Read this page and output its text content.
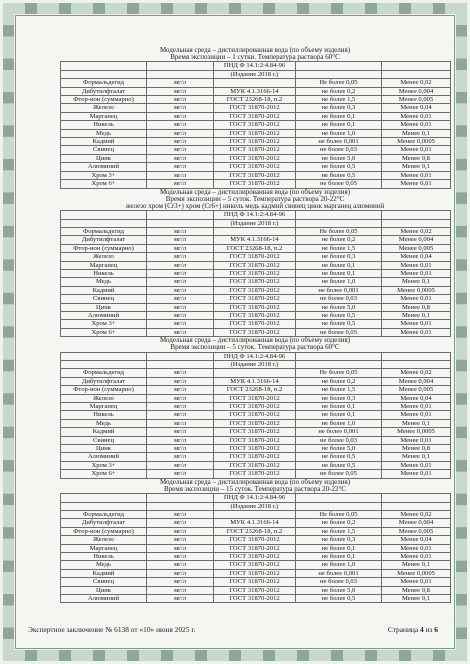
Модельная среда – дистиллированная вода (по объему изделия)
Время экспозиции – 1 сутки. Температура раствора 60°С
		ПНД Ф 14.1:2:4.84-96		
		(Издание 2018 г.)		
Формальдегид	мг/л		Не более 0,05	Менее 0,02
Дибутилфталат	мг/л	МУК 4.1.3166-14	не более 0,2	Менее 0,004
Фтор-ион (суммарно)	мг/л	ГОСТ 23268-18, п.2	не более 1,5	Менее 0,005
Железо	мг/л	ГОСТ 31870-2012	не более 0,3	Менее 0,04
Марганец	мг/л	ГОСТ 31870-2012	не более 0,1	Менее 0,01
Никель	мг/л	ГОСТ 31870-2012	не более 0,1	Менее 0,01
Медь	мг/л	ГОСТ 31870-2012	не более 1,0	Менее 0,1
Кадмий	мг/л	ГОСТ 31870-2012	не более 0,001	Менее 0,0005
Свинец	мг/л	ГОСТ 31870-2012	не более 0,03	Менее 0,01
Цинк	мг/л	ГОСТ 31870-2012	не более 5,0	Менее 0,8
Алюминий	мг/л	ГОСТ 31870-2012	не более 0,5	Менее 0,1
Хром 3+	мг/л	ГОСТ 31870-2012	не более 0,5	Менее 0,01
Хром 6+	мг/л	ГОСТ 31870-2012	не более 0,05	Менее 0,01
Модельная среда – дистиллированная вода (по объему изделия)
Время экспозиции – 5 суток. Температура раствора 20-22°С
железо хром (Cr3+) хром (Cr6+) никель медь кадмий свинец цинк марганец алюминий
		ПНД Ф 14.1:2:4.84-96		
		(Издание 2018 г.)		
Формальдегид	мг/л		Не более 0,05	Менее 0,02
Дибутилфталат	мг/л	МУК 4.1.3166-14	не более 0,2	Менее 0,004
Фтор-ион (суммарно)	мг/л	ГОСТ 23268-18, п.2	не более 1,5	Менее 0,005
Железо	мг/л	ГОСТ 31870-2012	не более 0,3	Менее 0,04
Марганец	мг/л	ГОСТ 31870-2012	не более 0,1	Менее 0,01
Никель	мг/л	ГОСТ 31870-2012	не более 0,1	Менее 0,01
Медь	мг/л	ГОСТ 31870-2012	не более 1,0	Менее 0,1
Кадмий	мг/л	ГОСТ 31870-2012	не более 0,001	Менее 0,0005
Свинец	мг/л	ГОСТ 31870-2012	не более 0,03	Менее 0,01
Цинк	мг/л	ГОСТ 31870-2012	не более 5,0	Менее 0,8
Алюминий	мг/л	ГОСТ 31870-2012	не более 0,5	Менее 0,1
Хром 3+	мг/л	ГОСТ 31870-2012	не более 0,5	Менее 0,01
Хром 6+	мг/л	ГОСТ 31870-2012	не более 0,05	Менее 0,01
Модельная среда – дистиллированная вода (по объему изделия)
Время экспозиции – 5 суток. Температура раствора 60°С
		ПНД Ф 14.1:2:4.84-96		
		(Издание 2018 г.)		
Формальдегид	мг/л		Не более 0,05	Менее 0,02
Дибутилфталат	мг/л	МУК 4.1.3166-14	не более 0,2	Менее 0,004
Фтор-ион (суммарно)	мг/л	ГОСТ 23268-18, п.2	не более 1,5	Менее 0,005
Железо	мг/л	ГОСТ 31870-2012	не более 0,3	Менее 0,04
Марганец	мг/л	ГОСТ 31870-2012	не более 0,1	Менее 0,01
Никель	мг/л	ГОСТ 31870-2012	не более 0,1	Менее 0,01
Медь	мг/л	ГОСТ 31870-2012	не более 1,0	Менее 0,1
Кадмий	мг/л	ГОСТ 31870-2012	не более 0,001	Менее 0,0005
Свинец	мг/л	ГОСТ 31870-2012	не более 0,03	Менее 0,01
Цинк	мг/л	ГОСТ 31870-2012	не более 5,0	Менее 0,8
Алюминий	мг/л	ГОСТ 31870-2012	не более 0,5	Менее 0,1
Хром 3+	мг/л	ГОСТ 31870-2012	не более 0,5	Менее 0,01
Хром 6+	мг/л	ГОСТ 31870-2012	не более 0,05	Менее 0,01
Модельная среда – дистиллированная вода (по объему изделия)
Время экспозиции – 15 суток. Температура раствора 20-22°С
		ПНД Ф 14.1:2:4.84-96		
		(Издание 2018 г.)		
Формальдегид	мг/л		Не более 0,05	Менее 0,02
Дибутилфталат	мг/л	МУК 4.1.3166-14	не более 0,2	Менее 0,004
Фтор-ион (суммарно)	мг/л	ГОСТ 23268-18, п.2	не более 1,5	Менее 0,005
Железо	мг/л	ГОСТ 31870-2012	не более 0,3	Менее 0,04
Марганец	мг/л	ГОСТ 31870-2012	не более 0,1	Менее 0,01
Никель	мг/л	ГОСТ 31870-2012	не более 0,1	Менее 0,01
Медь	мг/л	ГОСТ 31870-2012	не более 1,0	Менее 0,1
Кадмий	мг/л	ГОСТ 31870-2012	не более 0,001	Менее 0,0005
Свинец	мг/л	ГОСТ 31870-2012	не более 0,03	Менее 0,01
Цинк	мг/л	ГОСТ 31870-2012	не более 5,0	Менее 0,8
Алюминий	мг/л	ГОСТ 31870-2012	не более 0,5	Менее 0,1
Экспертное заключение № 6138 от «10» июня 2025 г.	Страница 4 из 6
